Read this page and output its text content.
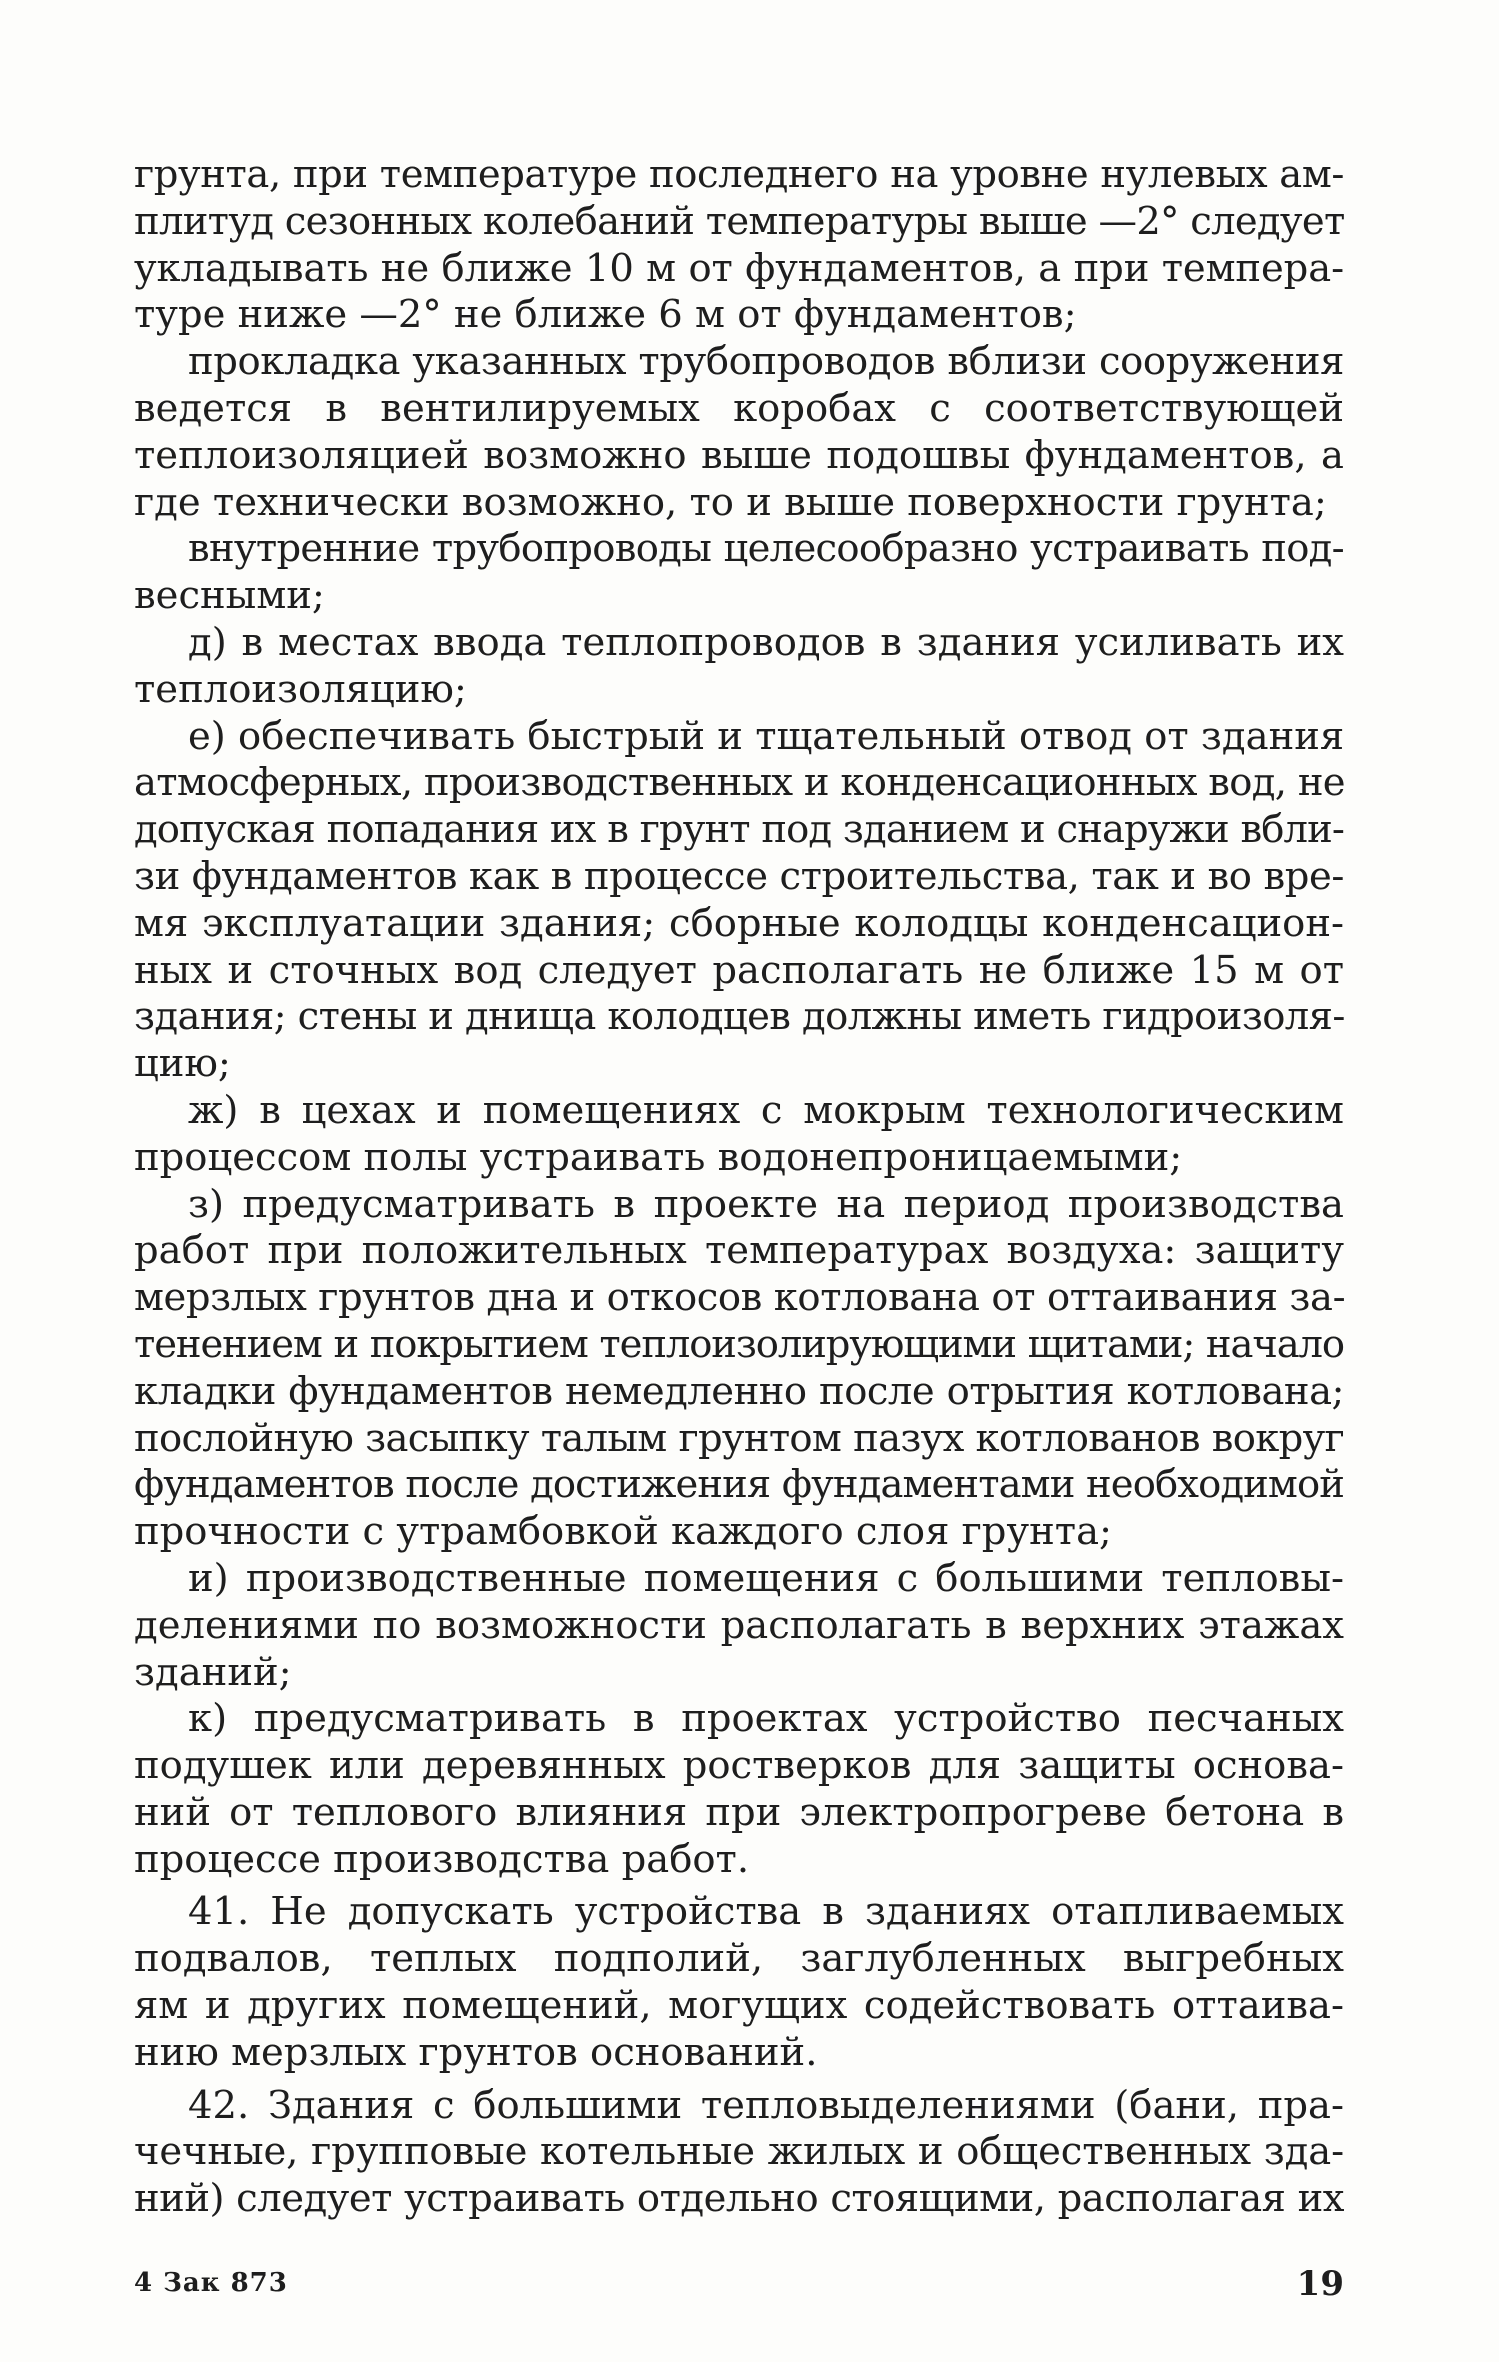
грунта, при температуре последнего на уровне нулевых ам-
плитуд сезонных колебаний температуры выше —2° следует
укладывать не ближе 10 м от фундаментов, а при темпера-
туре ниже —2° не ближе 6 м от фундаментов;
прокладка указанных трубопроводов вблизи сооружения
ведется в вентилируемых коробах с соответствующей
теплоизоляцией возможно выше подошвы фундаментов, а
где технически возможно, то и выше поверхности грунта;
внутренние трубопроводы целесообразно устраивать под-
весными;
д) в местах ввода теплопроводов в здания усиливать их
теплоизоляцию;
е) обеспечивать быстрый и тщательный отвод от здания
атмосферных, производственных и конденсационных вод, не
допуская попадания их в грунт под зданием и снаружи вбли-
зи фундаментов как в процессе строительства, так и во вре-
мя эксплуатации здания; сборные колодцы конденсацион-
ных и сточных вод следует располагать не ближе 15 м от
здания; стены и днища колодцев должны иметь гидроизоля-
цию;
ж) в цехах и помещениях с мокрым технологическим
процессом полы устраивать водонепроницаемыми;
з) предусматривать в проекте на период производства
работ при положительных температурах воздуха: защиту
мерзлых грунтов дна и откосов котлована от оттаивания за-
тенением и покрытием теплоизолирующими щитами; начало
кладки фундаментов немедленно после отрытия котлована;
послойную засыпку талым грунтом пазух котлованов вокруг
фундаментов после достижения фундаментами необходимой
прочности с утрамбовкой каждого слоя грунта;
и) производственные помещения с большими тепловы-
делениями по возможности располагать в верхних этажах
зданий;
к) предусматривать в проектах устройство песчаных
подушек или деревянных ростверков для защиты основа-
ний от теплового влияния при электропрогреве бетона в
процессе производства работ.
41. Не допускать устройства в зданиях отапливаемых
подвалов, теплых подполий, заглубленных выгребных
ям и других помещений, могущих содействовать оттаива-
нию мерзлых грунтов оснований.
42. Здания с большими тепловыделениями (бани, пра-
чечные, групповые котельные жилых и общественных зда-
ний) следует устраивать отдельно стоящими, располагая их
4 Зак 873	19
